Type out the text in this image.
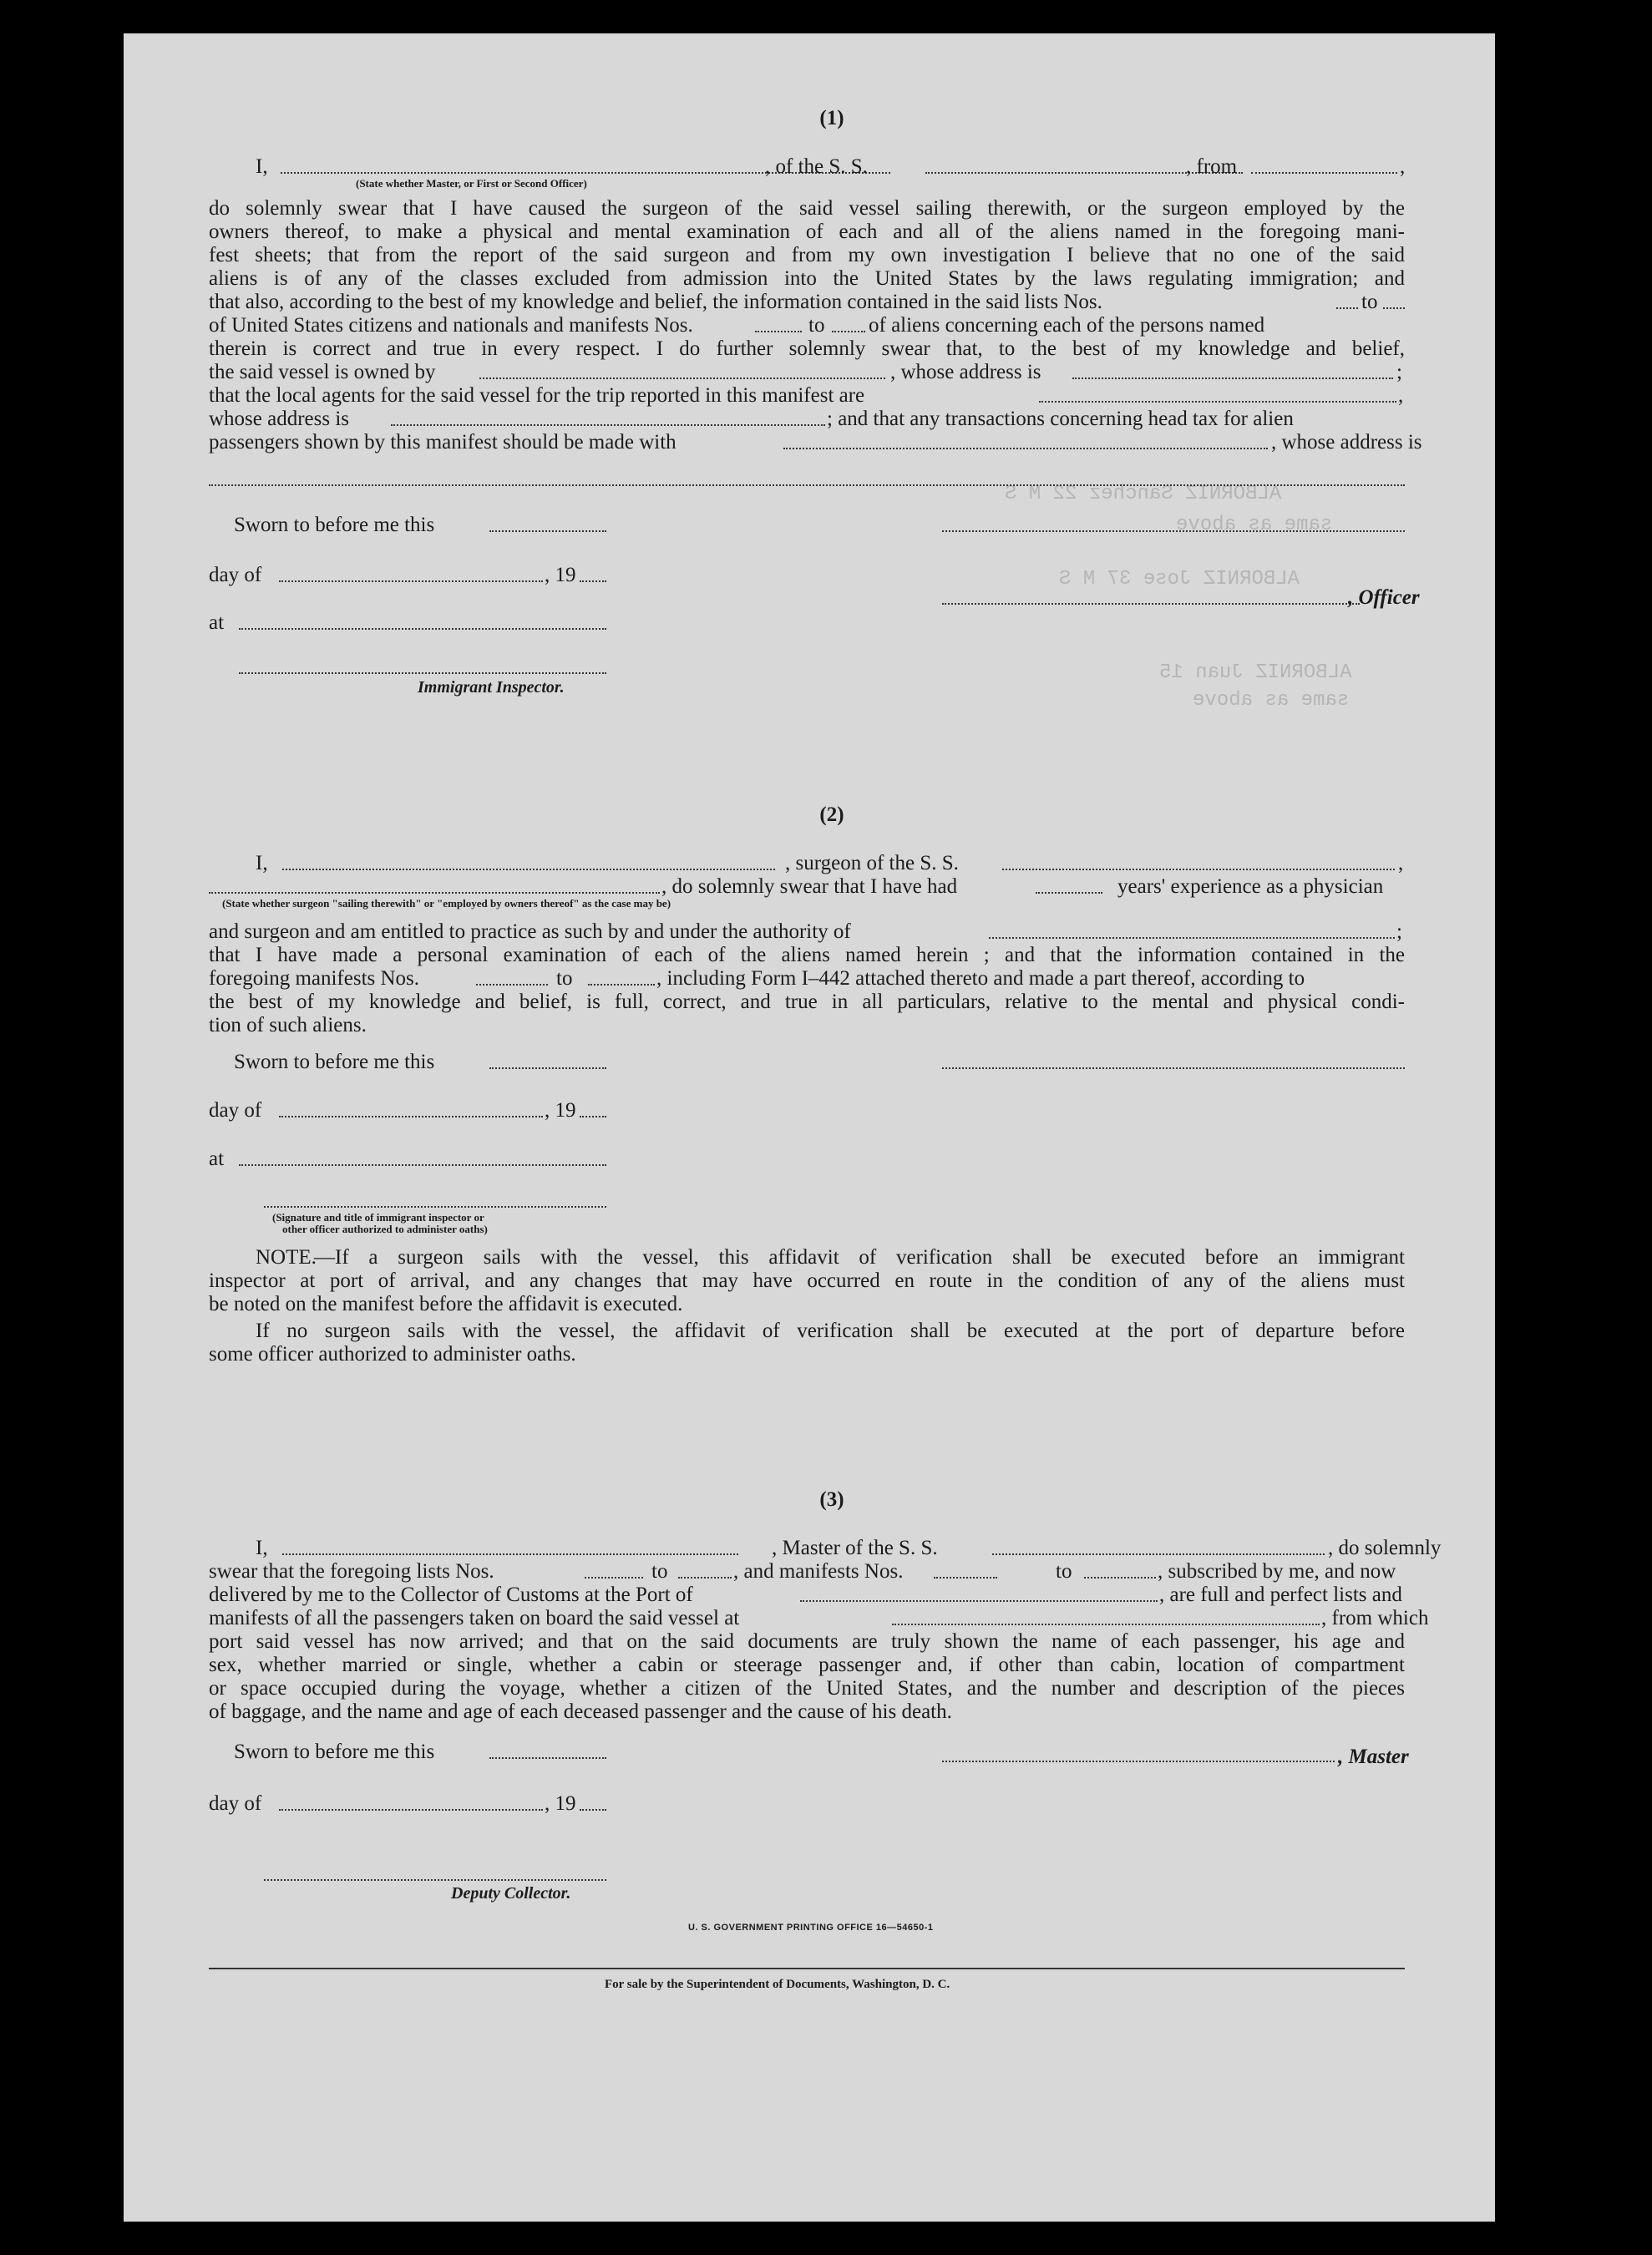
ALBORNIZ Sanchez 22 M S
same as above
ALBORNIZ Jose 37 M S
ALBORNIZ Juan 15
same as above
(1)
I,	, of the S. S.	, from	,
(State whether Master, or First or Second Officer)
do solemnly swear that I have caused the surgeon of the said vessel sailing therewith, or the surgeon employed by the
owners thereof, to make a physical and mental examination of each and all of the aliens named in the foregoing mani-
fest sheets; that from the report of the said surgeon and from my own investigation I believe that no one of the said
aliens is of any of the classes excluded from admission into the United States by the laws regulating immigration; and
that also, according to the best of my knowledge and belief, the information contained in the said lists Nos.	to
of United States citizens and nationals and manifests Nos.	to of aliens concerning each of the persons named
therein is correct and true in every respect. I do further solemnly swear that, to the best of my knowledge and belief,
the said vessel is owned by	, whose address is	;
that the local agents for the said vessel for the trip reported in this manifest are	,
whose address is	; and that any transactions concerning head tax for alien
passengers shown by this manifest should be made with	, whose address is
Sworn to before me this
day of	, 19
, Officer
at
Immigrant Inspector.
(2)
I,	, surgeon of the S. S.	,
, do solemnly swear that I have had	years' experience as a physician
(State whether surgeon "sailing therewith" or "employed by owners thereof" as the case may be)
and surgeon and am entitled to practice as such by and under the authority of	;
that I have made a personal examination of each of the aliens named herein ; and that the information contained in the
foregoing manifests Nos.	to	, including Form I–442 attached thereto and made a part thereof, according to
the best of my knowledge and belief, is full, correct, and true in all particulars, relative to the mental and physical condi-
tion of such aliens.
Sworn to before me this
day of	, 19
at
(Signature and title of immigrant inspector or
other officer authorized to administer oaths)
NOTE.
—If a surgeon sails with the vessel, this affidavit of verification shall be executed before an immigrant
inspector at port of arrival, and any changes that may have occurred en route in the condition of any of the aliens must
be noted on the manifest before the affidavit is executed.
If no surgeon sails with the vessel, the affidavit of verification shall be executed at the port of departure before
some officer authorized to administer oaths.
(3)
I,	, Master of the S. S.	, do solemnly
swear that the foregoing lists Nos.	to	, and manifests Nos.	to	, subscribed by me, and now
delivered by me to the Collector of Customs at the Port of	, are full and perfect lists and
manifests of all the passengers taken on board the said vessel at	, from which
port said vessel has now arrived; and that on the said documents are truly shown the name of each passenger, his age and
sex, whether married or single, whether a cabin or steerage passenger and, if other than cabin, location of compartment
or space occupied during the voyage, whether a citizen of the United States, and the number and description of the pieces
of baggage, and the name and age of each deceased passenger and the cause of his death.
Sworn to before me this	, Master
day of	, 19
Deputy Collector.
U. S. GOVERNMENT PRINTING OFFICE 16—54650-1
For sale by the Superintendent of Documents, Washington, D. C.
